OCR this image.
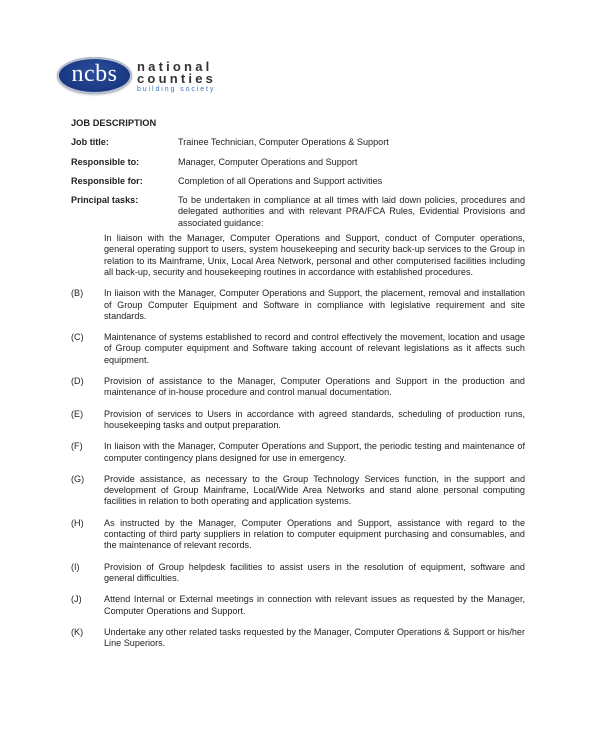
ncbs national
counties
building society
JOB DESCRIPTION
Job title:	Trainee Technician, Computer Operations & Support
Responsible to:	Manager, Computer Operations and Support
Responsible for:	Completion of all Operations and Support activities
Principal tasks:	To be undertaken in compliance at all times with laid down policies, procedures and delegated authorities and with relevant PRA/FCA Rules, Evidential Provisions and associated guidance:
In liaison with the Manager, Computer Operations and Support, conduct of Computer operations, general operating support to users, system housekeeping and security back-up services to the Group in relation to its Mainframe, Unix, Local Area Network, personal and other computerised facilities including all back-up, security and housekeeping routines in accordance with established procedures.
(B)	In liaison with the Manager, Computer Operations and Support, the placement, removal and installation of Group Computer Equipment and Software in compliance with legislative requirement and site standards.
(C)	Maintenance of systems established to record and control effectively the movement, location and usage of Group computer equipment and Software taking account of relevant legislations as it affects such equipment.
(D)	Provision of assistance to the Manager, Computer Operations and Support in the production and maintenance of in-house procedure and control manual documentation.
(E)	Provision of services to Users in accordance with agreed standards, scheduling of production runs, housekeeping tasks and output preparation.
(F)	In liaison with the Manager, Computer Operations and Support, the periodic testing and maintenance of computer contingency plans designed for use in emergency.
(G)	Provide assistance, as necessary to the Group Technology Services function, in the support and development of Group Mainframe, Local/Wide Area Networks and stand alone personal computing facilities in relation to both operating and application systems.
(H)	As instructed by the Manager, Computer Operations and Support, assistance with regard to the contacting of third party suppliers in relation to computer equipment purchasing and consumables, and the maintenance of relevant records.
(I)	Provision of Group helpdesk facilities to assist users in the resolution of equipment, software and general difficulties.
(J)	Attend Internal or External meetings in connection with relevant issues as requested by the Manager, Computer Operations and Support.
(K)	Undertake any other related tasks requested by the Manager, Computer Operations & Support or his/her Line Superiors.
